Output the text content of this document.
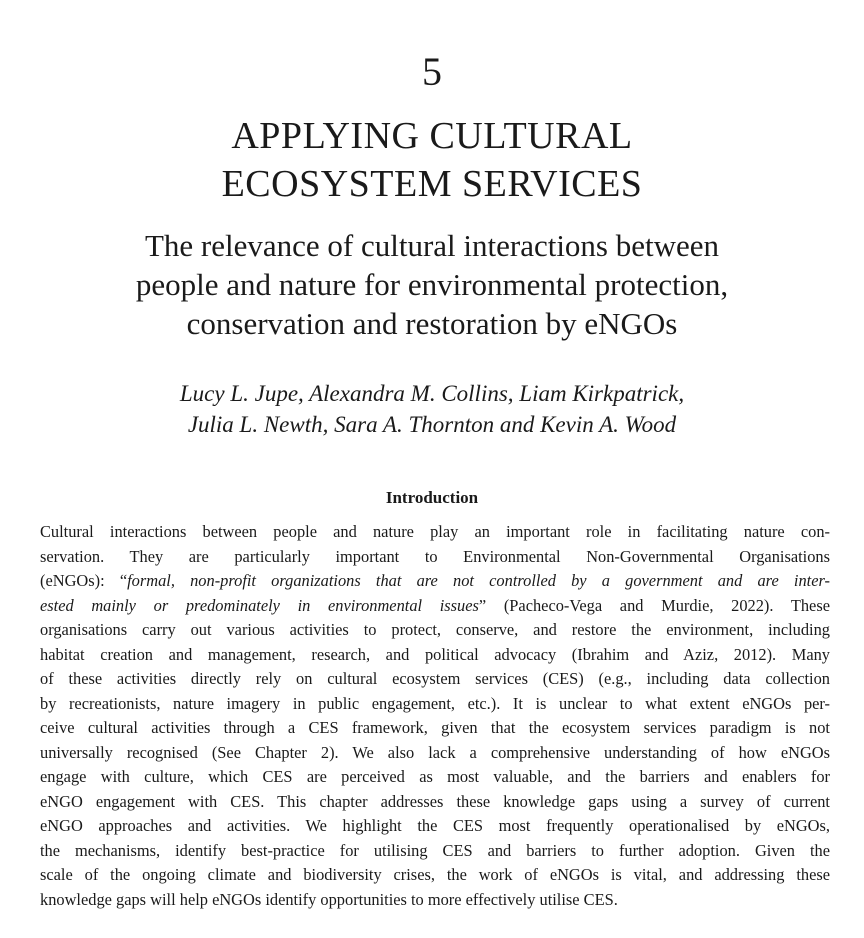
5
APPLYING CULTURAL
ECOSYSTEM SERVICES
The relevance of cultural interactions between
people and nature for environmental protection,
conservation and restoration by eNGOs
Lucy L. Jupe, Alexandra M. Collins, Liam Kirkpatrick,
Julia L. Newth, Sara A. Thornton and Kevin A. Wood
Introduction
Cultural interactions between people and nature play an important role in facilitating nature con-
servation. They are particularly important to Environmental Non-Governmental Organisations
(eNGOs): “formal, non-profit organizations that are not controlled by a government and are inter-
ested mainly or predominately in environmental issues” (Pacheco-Vega and Murdie, 2022). These
organisations carry out various activities to protect, conserve, and restore the environment, including
habitat creation and management, research, and political advocacy (Ibrahim and Aziz, 2012). Many
of these activities directly rely on cultural ecosystem services (CES) (e.g., including data collection
by recreationists, nature imagery in public engagement, etc.). It is unclear to what extent eNGOs per-
ceive cultural activities through a CES framework, given that the ecosystem services paradigm is not
universally recognised (See Chapter 2). We also lack a comprehensive understanding of how eNGOs
engage with culture, which CES are perceived as most valuable, and the barriers and enablers for
eNGO engagement with CES. This chapter addresses these knowledge gaps using a survey of current
eNGO approaches and activities. We highlight the CES most frequently operationalised by eNGOs,
the mechanisms, identify best-practice for utilising CES and barriers to further adoption. Given the
scale of the ongoing climate and biodiversity crises, the work of eNGOs is vital, and addressing these
knowledge gaps will help eNGOs identify opportunities to more effectively utilise CES.
